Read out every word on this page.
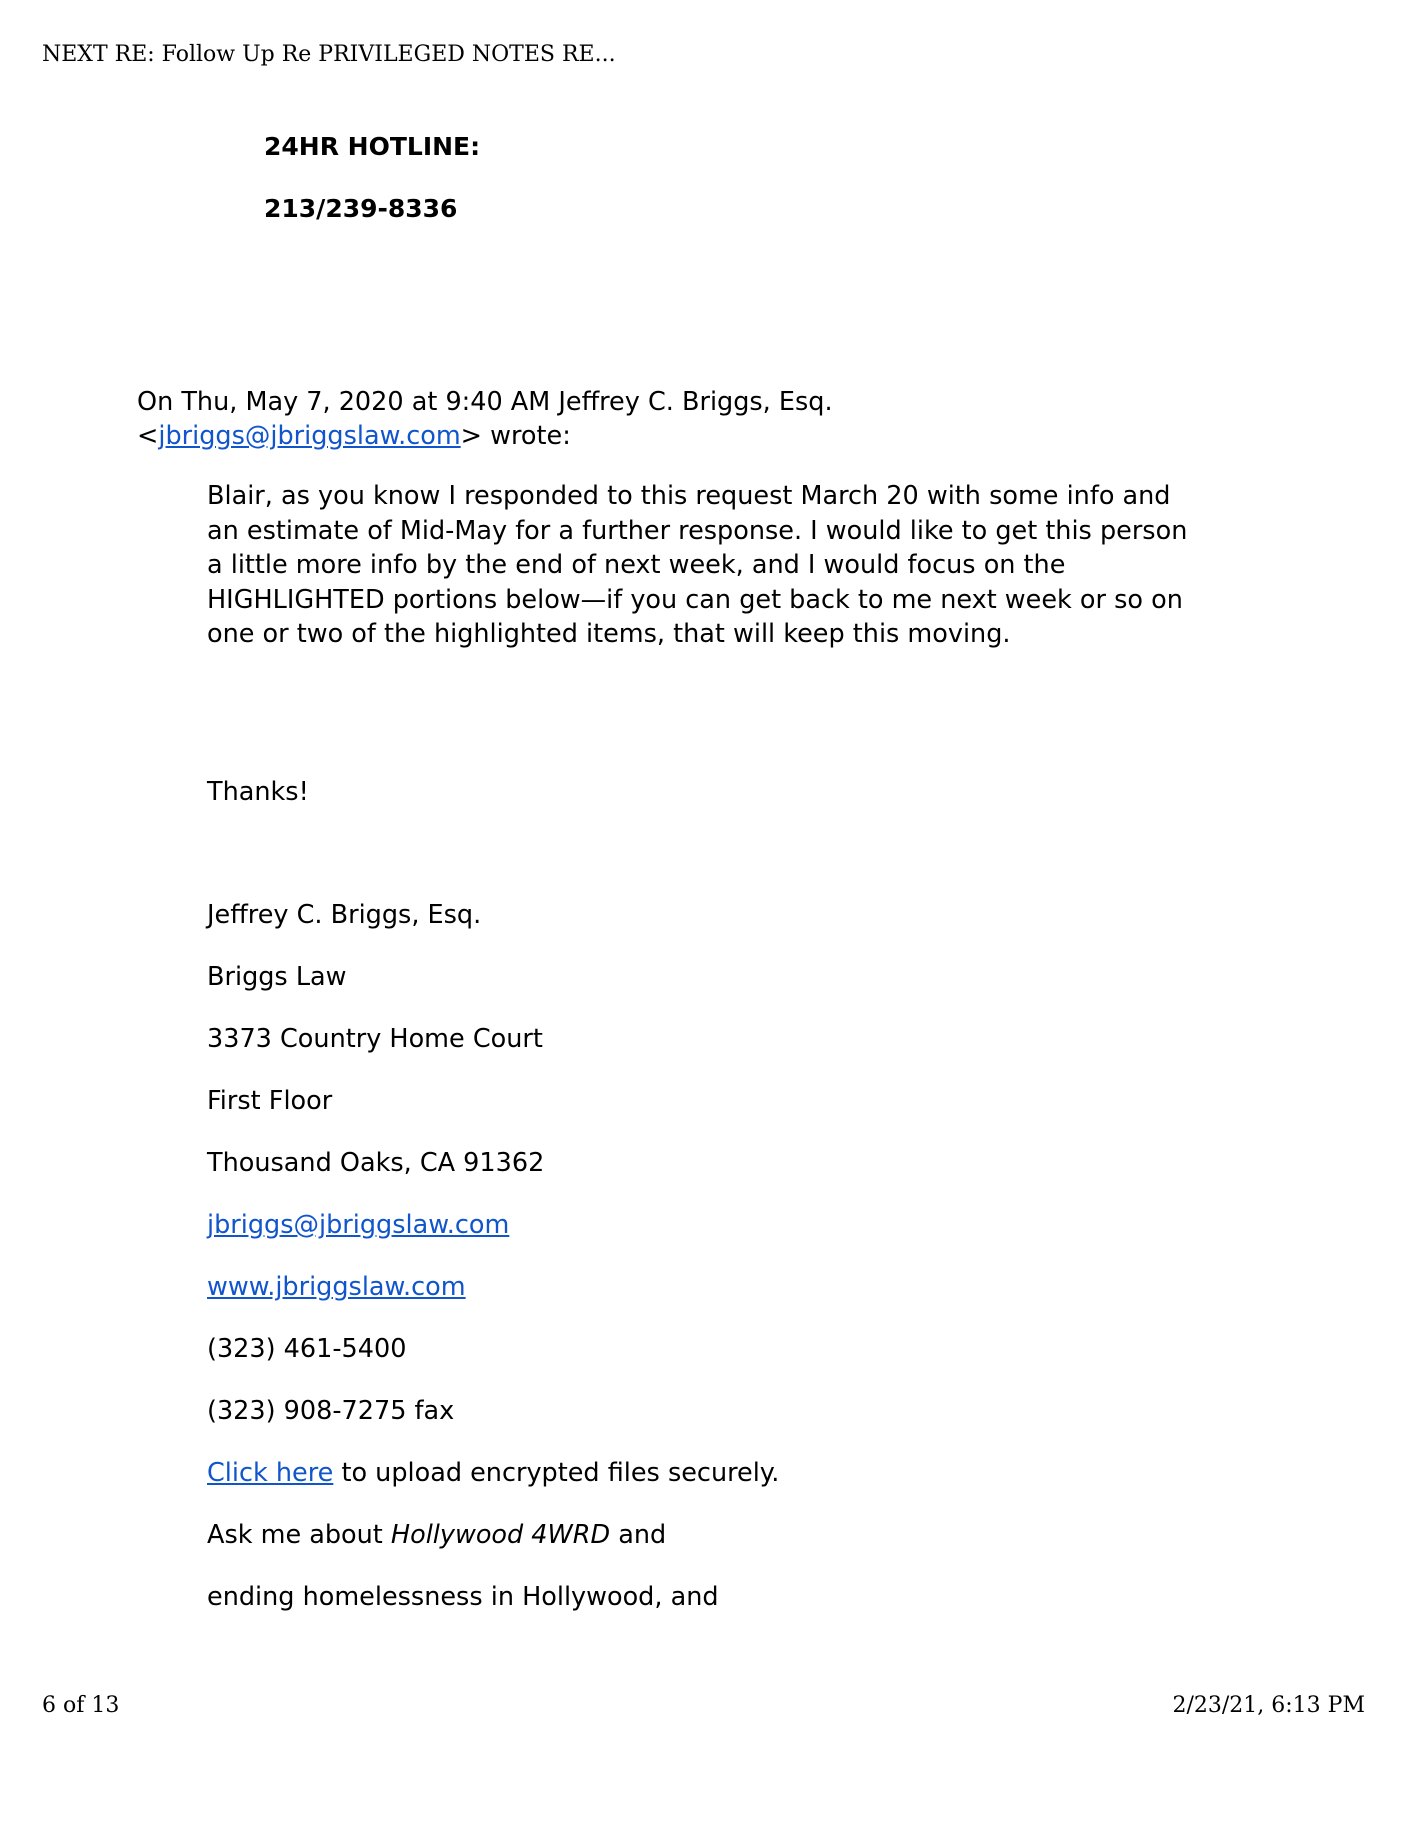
NEXT RE: Follow Up Re PRIVILEGED NOTES RE...
24HR HOTLINE:
213/239-8336
On Thu, May 7, 2020 at 9:40 AM Jeffrey C. Briggs, Esq.
<jbriggs@jbriggslaw.com> wrote:
Blair, as you know I responded to this request March 20 with some info and an estimate of Mid-May for a further response. I would like to get this person a little more info by the end of next week, and I would focus on the HIGHLIGHTED portions below—if you can get back to me next week or so on one or two of the highlighted items, that will keep this moving.
Thanks!
Jeffrey C. Briggs, Esq.
Briggs Law
3373 Country Home Court
First Floor
Thousand Oaks, CA 91362
jbriggs@jbriggslaw.com
www.jbriggslaw.com
(323) 461-5400
(323) 908-7275 fax
Click here to upload encrypted files securely.
Ask me about Hollywood 4WRD and
ending homelessness in Hollywood, and
6 of 13	2/23/21, 6:13 PM
